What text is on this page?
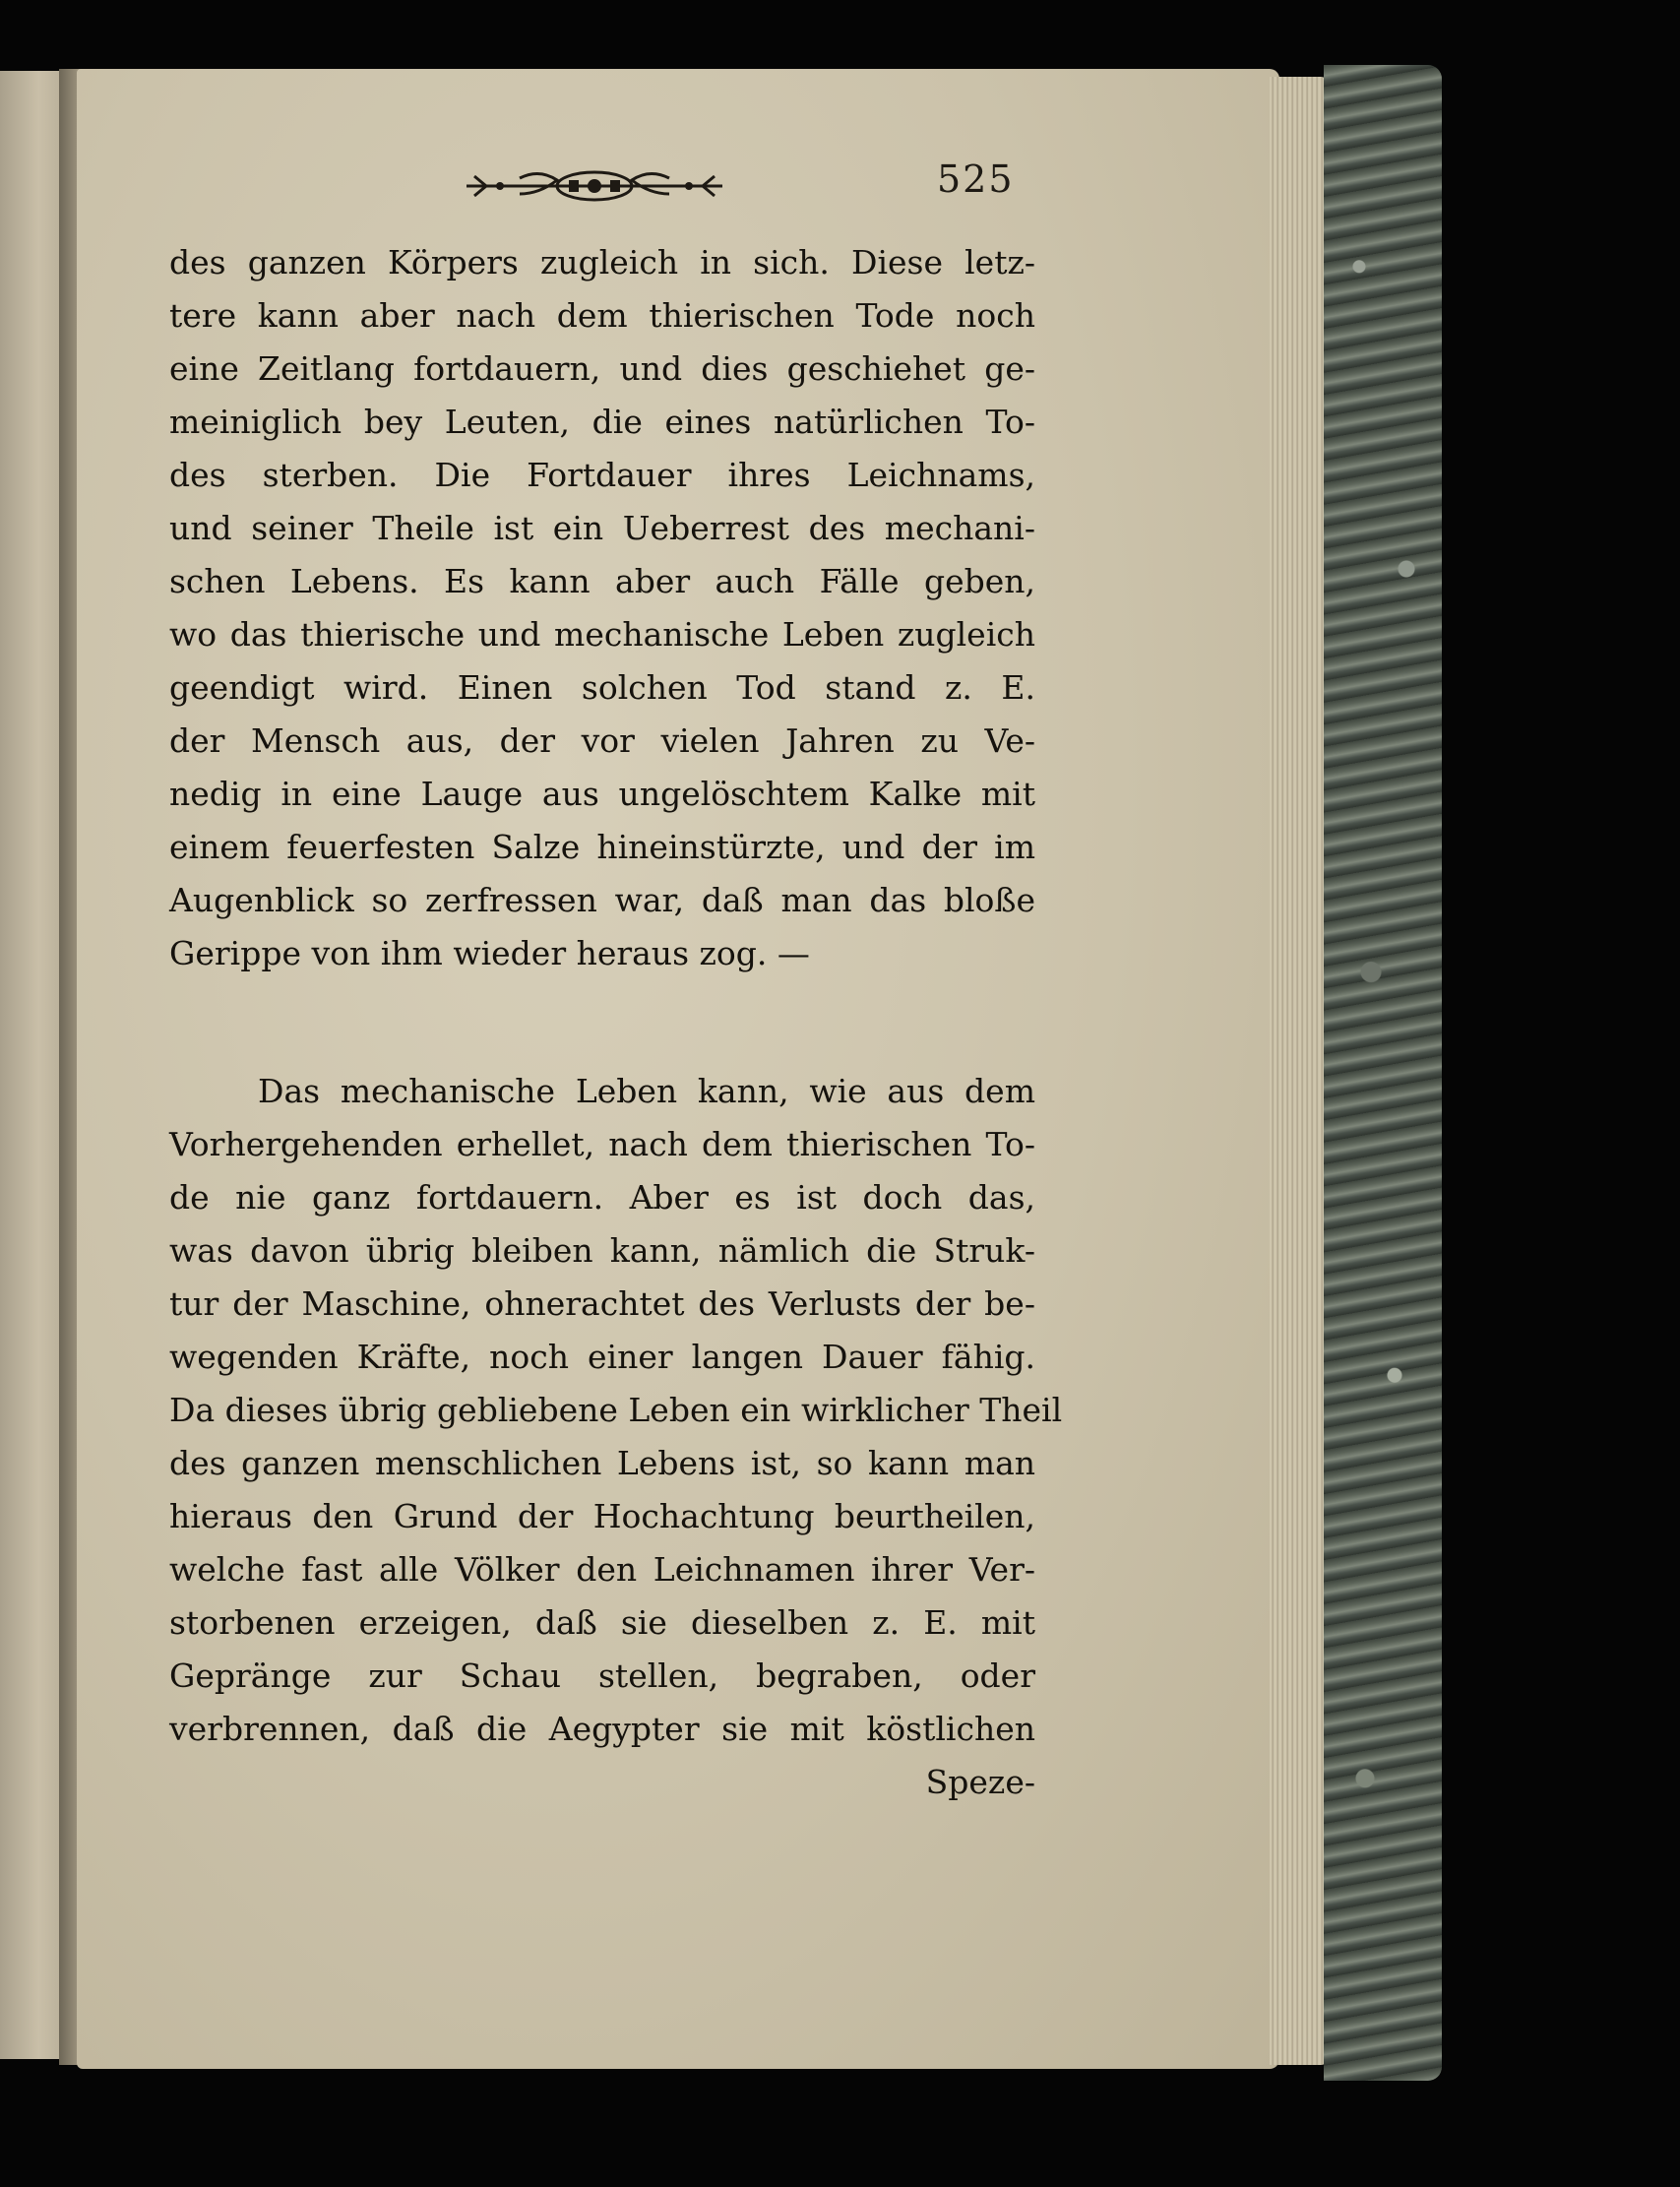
525
des ganzen Körpers zugleich in sich. Diese letz-
tere kann aber nach dem thierischen Tode noch
eine Zeitlang fortdauern, und dies geschiehet ge-
meiniglich bey Leuten, die eines natürlichen To-
des sterben. Die Fortdauer ihres Leichnams,
und seiner Theile ist ein Ueberrest des mechani-
schen Lebens. Es kann aber auch Fälle geben,
wo das thierische und mechanische Leben zugleich
geendigt wird. Einen solchen Tod stand z. E.
der Mensch aus, der vor vielen Jahren zu Ve-
nedig in eine Lauge aus ungelöschtem Kalke mit
einem feuerfesten Salze hineinstürzte, und der im
Augenblick so zerfressen war, daß man das bloße
Gerippe von ihm wieder heraus zog. —
Das mechanische Leben kann, wie aus dem
Vorhergehenden erhellet, nach dem thierischen To-
de nie ganz fortdauern. Aber es ist doch das,
was davon übrig bleiben kann, nämlich die Struk-
tur der Maschine, ohnerachtet des Verlusts der be-
wegenden Kräfte, noch einer langen Dauer fähig.
Da dieses übrig gebliebene Leben ein wirklicher Theil
des ganzen menschlichen Lebens ist, so kann man
hieraus den Grund der Hochachtung beurtheilen,
welche fast alle Völker den Leichnamen ihrer Ver-
storbenen erzeigen, daß sie dieselben z. E. mit
Gepränge zur Schau stellen, begraben, oder
verbrennen, daß die Aegypter sie mit köstlichen
Speze-
